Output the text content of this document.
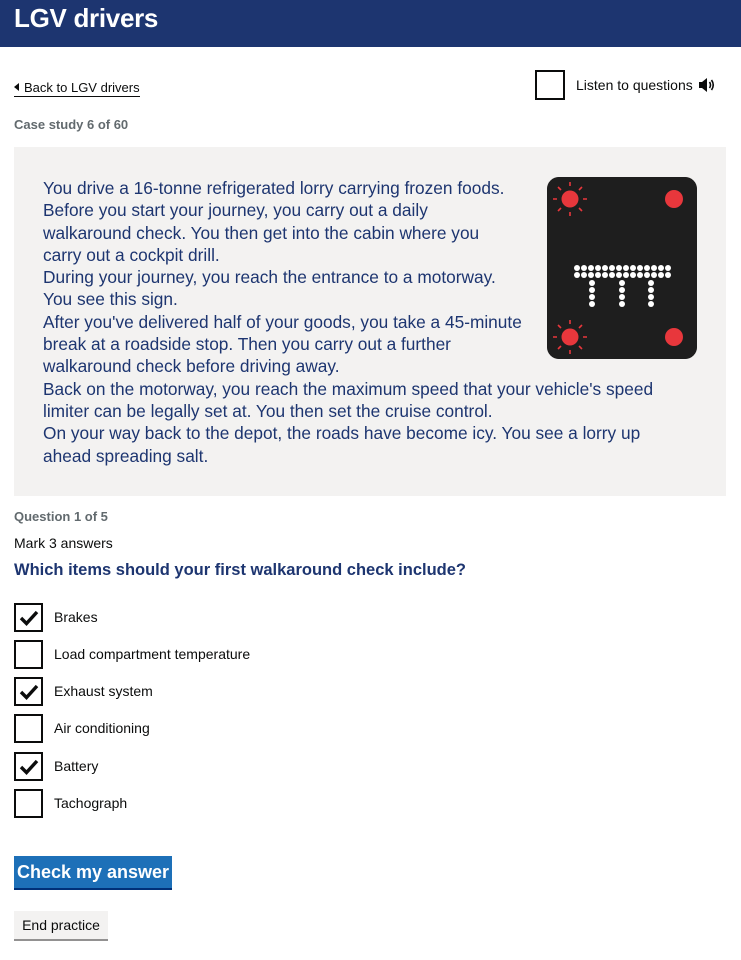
LGV drivers
Back to LGV drivers	Listen to questions
Case study 6 of 60

You drive a 16-tonne refrigerated lorry carrying frozen foods.

Before you start your journey, you carry out a daily walkaround check. You then get into the cabin where you carry out a cockpit drill.

During your journey, you reach the entrance to a motorway. You see this sign.

After you've delivered half of your goods, you take a 45-minute break at a roadside stop. Then you carry out a further walkaround check before driving away.

Back on the motorway, you reach the maximum speed that your vehicle's speed limiter can be legally set at. You then set the cruise control.

On your way back to the depot, the roads have become icy. You see a lorry up ahead spreading salt.

Question 1 of 5
Mark 3 answers
Which items should your first walkaround check include?
Brakes
Load compartment temperature
Exhaust system
Air conditioning
Battery
Tachograph
Check my answer
End practice
